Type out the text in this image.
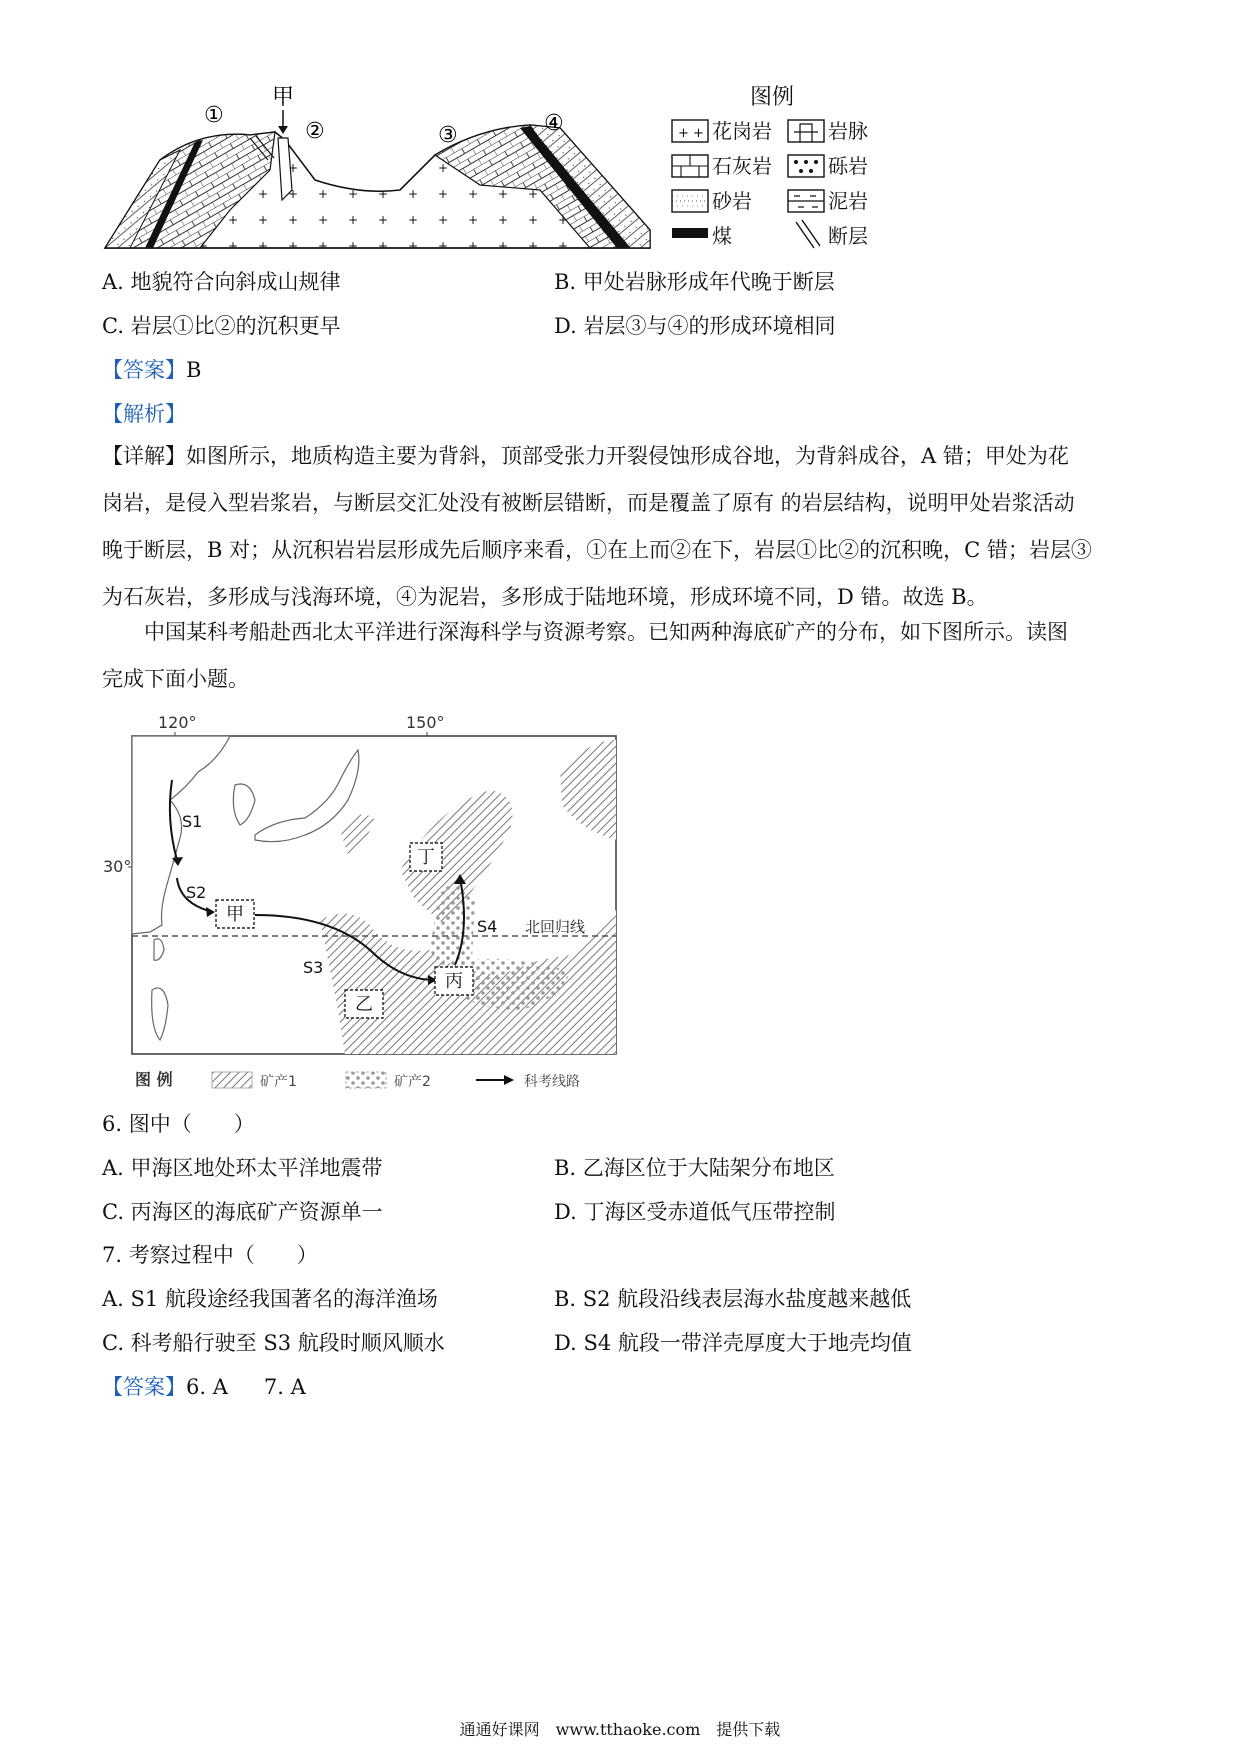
①
甲
②	③	④
图例
+ + 花岗岩	岩脉
石灰岩	砾岩
砂岩	泥岩
煤	断层
A. 地貌符合向斜成山规律	B. 甲处岩脉形成年代晚于断层
C. 岩层①比②的沉积更早	D. 岩层③与④的形成环境相同
【答案】B
【解析】
【详解】如图所示，地质构造主要为背斜，顶部受张力开裂侵蚀形成谷地，为背斜成谷，A 错；甲处为花
岗岩，是侵入型岩浆岩，与断层交汇处没有被断层错断，而是覆盖了原有 的岩层结构，说明甲处岩浆活动
晚于断层，B 对；从沉积岩岩层形成先后顺序来看，①在上而②在下，岩层①比②的沉积晚，C 错；岩层③
为石灰岩，多形成与浅海环境，④为泥岩，多形成于陆地环境，形成环境不同，D 错。故选 B。
中国某科考船赴西北太平洋进行深海科学与资源考察。已知两种海底矿产的分布，如下图所示。读图
完成下面小题。
120°	150°
30°
北回归线
S1
S2
S3
S4
甲
乙
丙
丁
图 例	矿产1	矿产2	科考线路
6. 图中（　　）
A. 甲海区地处环太平洋地震带	B. 乙海区位于大陆架分布地区
C. 丙海区的海底矿产资源单一	D. 丁海区受赤道低气压带控制
7. 考察过程中（　　）
A. S1 航段途经我国著名的海洋渔场	B. S2 航段沿线表层海水盐度越来越低
C. 科考船行驶至 S3 航段时顺风顺水	D. S4 航段一带洋壳厚度大于地壳均值
【答案】6. A 7. A
通通好课网　www.tthaoke.com　提供下载
